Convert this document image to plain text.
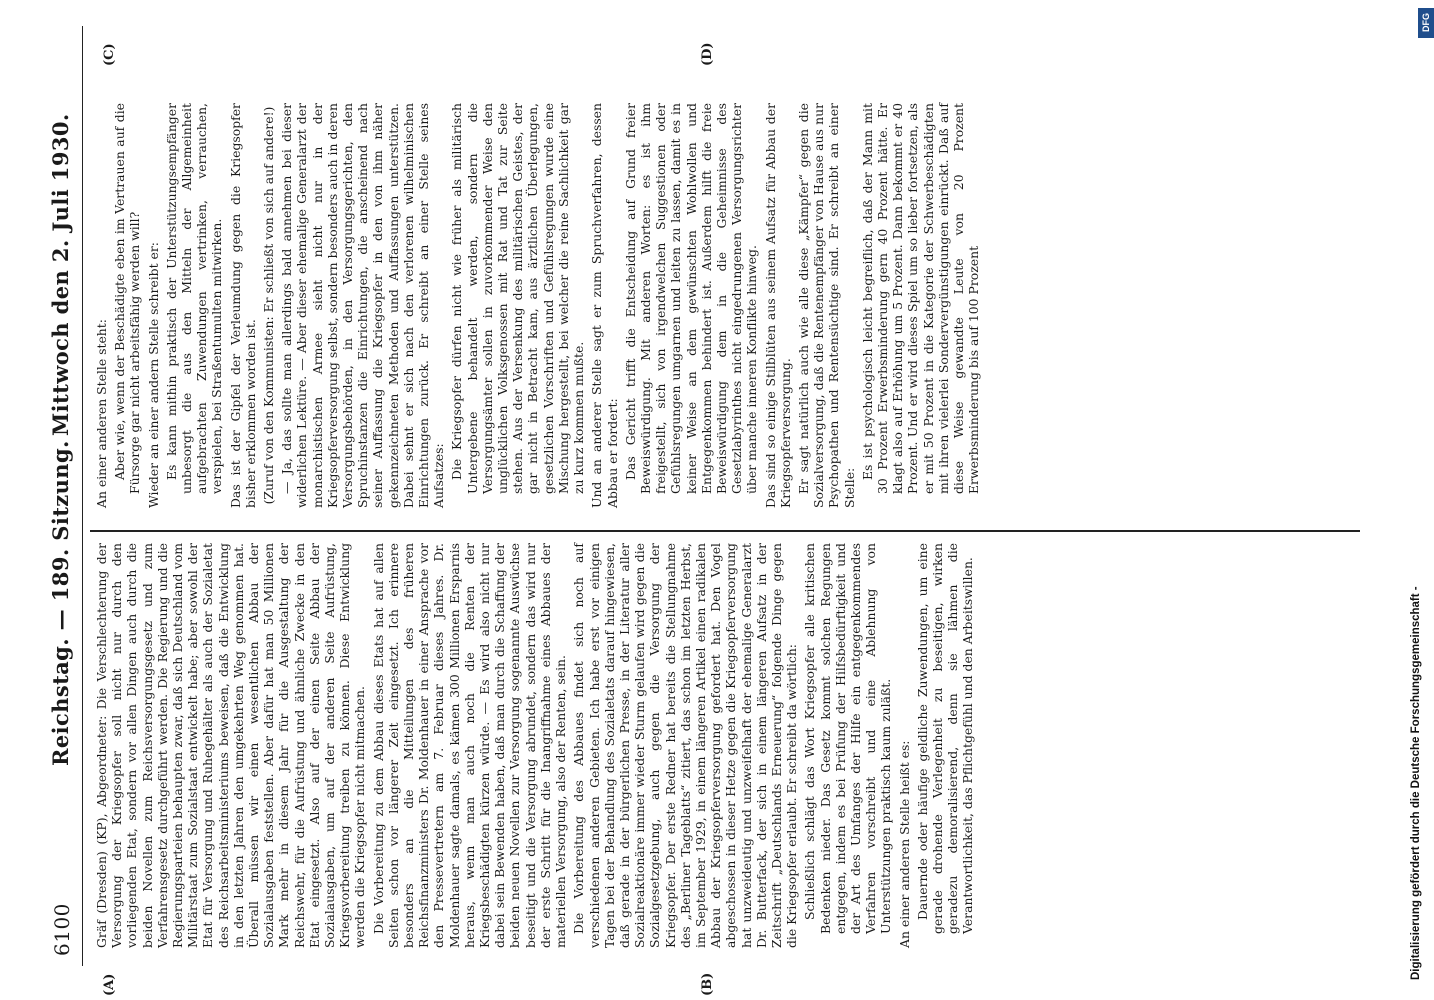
6100
Reichstag. — 189. Sitzung.
Mittwoch den 2. Juli 1930.
(A)	(B)
(C)	(D)

Gräf (Dresden) (KP), Abgeordneter: Die Verschlechterung der Versorgung der Kriegsopfer soll nicht nur durch den vorliegenden Etat, sondern vor allen Dingen auch durch die beiden Novellen zum Reichsversorgungsgesetz und zum Verfahrensgesetz durchgeführt werden. Die Regierung und die Regierungsparteien behaupten zwar, daß sich Deutschland vom Militärstaat zum Sozialstaat entwickelt habe; aber sowohl der Etat für Versorgung und Ruhegehälter als auch der Sozialetat des Reichsarbeitsministeriums beweisen, daß die Entwicklung in den letzten Jahren den umgekehrten Weg genommen hat. Überall müssen wir einen wesentlichen Abbau der Sozialausgaben feststellen. Aber dafür hat man 50 Millionen Mark mehr in diesem Jahr für die Ausgestaltung der Reichswehr, für die Aufrüstung und ähnliche Zwecke in den Etat eingesetzt. Also auf der einen Seite Abbau der Sozialausgaben, um auf der anderen Seite Aufrüstung, Kriegsvorbereitung treiben zu können. Diese Entwicklung werden die Kriegsopfer nicht mitmachen. Die Vorbereitung zu dem Abbau dieses Etats hat auf allen Seiten schon vor längerer Zeit eingesetzt. Ich erinnere besonders an die Mitteilungen des früheren Reichsfinanzministers Dr. Moldenhauer in einer Ansprache vor den Pressevertretern am 7. Februar dieses Jahres. Dr. Moldenhauer sagte damals, es kämen 300 Millionen Ersparnis heraus, wenn man auch noch die Renten der Kriegsbeschädigten kürzen würde. — Es wird also nicht nur dabei sein Bewenden haben, daß man durch die Schaffung der beiden neuen Novellen zur Versorgung sogenannte Auswüchse beseitigt und die Versorgung abrundet, sondern das wird nur der erste Schritt für die Inangriffnahme eines Abbaues der materiellen Versorgung, also der Renten, sein. Die Vorbereitung des Abbaues findet sich noch auf verschiedenen anderen Gebieten. Ich habe erst vor einigen Tagen bei der Behandlung des Sozialetats darauf hingewiesen, daß gerade in der bürgerlichen Presse, in der Literatur aller Sozialreaktionäre immer wieder Sturm gelaufen wird gegen die Sozialgesetzgebung, auch gegen die Versorgung der Kriegsopfer. Der erste Redner hat bereits die Stellungnahme des „Berliner Tageblatts“ zitiert, das schon im letzten Herbst, im September 1929, in einem längeren Artikel einen radikalen Abbau der Kriegsopferversorgung gefordert hat. Den Vogel abgeschossen in dieser Hetze gegen die Kriegsopferversorgung hat unzweideutig und unzweifelhaft der ehemalige Generalarzt Dr. Butterfack, der sich in einem längeren Aufsatz in der Zeitschrift „Deutschlands Erneuerung“ folgende Dinge gegen die Kriegsopfer erlaubt. Er schreibt da wörtlich: Schließlich schlägt das Wort Kriegsopfer alle kritischen Bedenken nieder. Das Gesetz kommt solchen Regungen entgegen, indem es bei Prüfung der Hilfsbedürftigkeit und der Art des Umfanges der Hilfe ein entgegenkommendes Verfahren vorschreibt und eine Ablehnung von Unterstützungen praktisch kaum zuläßt. An einer anderen Stelle heißt es: Dauernde oder häufige geldliche Zuwendungen, um eine gerade drohende Verlegenheit zu beseitigen, wirken geradezu demoralisierend, denn sie lähmen die Verantwortlichkeit, das Pflichtgefühl und den Arbeitswillen.

An einer anderen Stelle steht: Aber wie, wenn der Beschädigte eben im Vertrauen auf die Fürsorge gar nicht arbeitsfähig werden will? Wieder an einer andern Stelle schreibt er: Es kann mithin praktisch der Unterstützungsempfänger unbesorgt die aus den Mitteln der Allgemeinheit aufgebrachten Zuwendungen vertrinken, verrauchen, verspielen, bei Straßentumulten mitwirken. Das ist der Gipfel der Verleumdung gegen die Kriegsopfer bisher erklommen worden ist. (Zuruf von den Kommunisten: Er schließt von sich auf andere!) — Ja, das sollte man allerdings bald annehmen bei dieser widerlichen Lektüre. — Aber dieser ehemalige Generalarzt der monarchistischen Armee sieht nicht nur in der Kriegsopferversorgung selbst, sondern besonders auch in deren Versorgungsbehörden, in den Versorgungsgerichten, den Spruchinstanzen die Einrichtungen, die anscheinend nach seiner Auffassung die Kriegsopfer in den von ihm näher gekennzeichneten Methoden und Auffassungen unterstützen. Dabei sehnt er sich nach den verlorenen wilhelminischen Einrichtungen zurück. Er schreibt an einer Stelle seines Aufsatzes: Die Kriegsopfer dürfen nicht wie früher als militärisch Untergebene behandelt werden, sondern die Versorgungsämter sollen in zuvorkommender Weise den unglücklichen Volksgenossen mit Rat und Tat zur Seite stehen. Aus der Versenkung des militärischen Geistes, der gar nicht in Betracht kam, aus ärztlichen Überlegungen, gesetzlichen Vorschriften und Gefühlsregungen wurde eine Mischung hergestellt, bei welcher die reine Sachlichkeit gar zu kurz kommen mußte. Und an anderer Stelle sagt er zum Spruchverfahren, dessen Abbau er fordert: Das Gericht trifft die Entscheidung auf Grund freier Beweiswürdigung. Mit anderen Worten: es ist ihm freigestellt, sich von irgendwelchen Suggestionen oder Gefühlsregungen umgarnen und leiten zu lassen, damit es in keiner Weise an dem gewünschten Wohlwollen und Entgegenkommen behindert ist. Außerdem hilft die freie Beweiswürdigung dem in die Geheimnisse des Gesetzlabyrinthes nicht eingedrungenen Versorgungsrichter über manche inneren Konflikte hinweg. Das sind so einige Stilblüten aus seinem Aufsatz für Abbau der Kriegsopferversorgung. Er sagt natürlich auch wie alle diese „Kämpfer“ gegen die Sozialversorgung, daß die Rentenempfänger von Hause aus nur Psychopathen und Rentensüchtige sind. Er schreibt an einer Stelle:

Es ist psychologisch leicht begreiflich, daß der Mann mit 30 Prozent Erwerbsminderung gern 40 Prozent hätte. Er klagt also auf Erhöhung um 5 Prozent. Dann bekommt er 40 Prozent. Und er wird dieses Spiel um so lieber fortsetzen, als er mit 50 Prozent in die Kategorie der Schwerbeschädigten mit ihren vielerlei Sondervergünstigungen einrückt. Daß auf diese Weise gewandte Leute von 20 Prozent Erwerbsminderung bis auf 100 Prozent

DFG
Digitalisierung gefördert durch die Deutsche Forschungsgemeinschaft -
